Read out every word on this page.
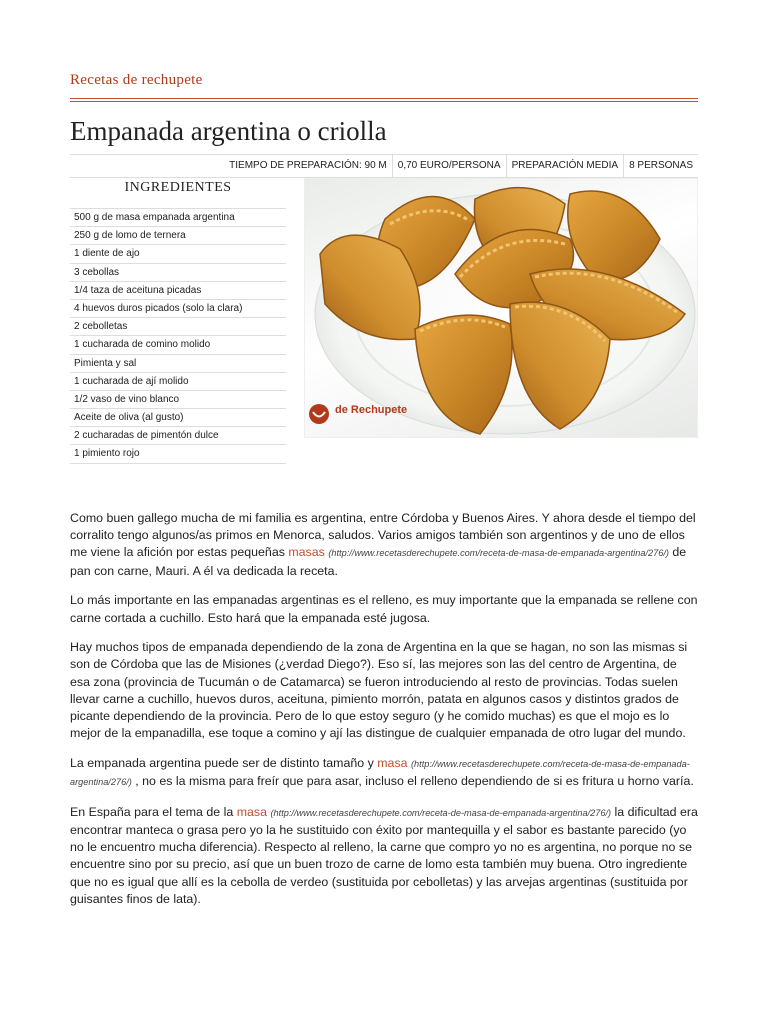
Recetas de rechupete
Empanada argentina o criolla
TIEMPO DE PREPARACIÓN: 90 M	0,70 EURO/PERSONA	PREPARACIÓN MEDIA	8 PERSONAS
INGREDIENTES
500 g de masa empanada argentina
250 g de lomo de ternera
1 diente de ajo
3 cebollas
1/4 taza de aceituna picadas
4 huevos duros picados (solo la clara)
2 cebolletas
1 cucharada de comino molido
Pimienta y sal
1 cucharada de ají molido
1/2 vaso de vino blanco
Aceite de oliva (al gusto)
2 cucharadas de pimentón dulce
1 pimiento rojo
de Rechupete

Como buen gallego mucha de mi familia es argentina, entre Córdoba y Buenos Aires. Y ahora desde el tiempo del corralito tengo algunos/as primos en Menorca, saludos. Varios amigos también son argentinos y de uno de ellos me viene la afición por estas pequeñas masas (http://www.recetasderechupete.com/receta-de-masa-de-empanada-argentina/276/) de pan con carne, Mauri. A él va dedicada la receta.

Lo más importante en las empanadas argentinas es el relleno, es muy importante que la empanada se rellene con carne cortada a cuchillo. Esto hará que la empanada esté jugosa.

Hay muchos tipos de empanada dependiendo de la zona de Argentina en la que se hagan, no son las mismas si son de Córdoba que las de Misiones (¿verdad Diego?). Eso sí, las mejores son las del centro de Argentina, de esa zona (provincia de Tucumán o de Catamarca) se fueron introduciendo al resto de provincias. Todas suelen llevar carne a cuchillo, huevos duros, aceituna, pimiento morrón, patata en algunos casos y distintos grados de picante dependiendo de la provincia. Pero de lo que estoy seguro (y he comido muchas) es que el mojo es lo mejor de la empanadilla, ese toque a comino y ají las distingue de cualquier empanada de otro lugar del mundo.

La empanada argentina puede ser de distinto tamaño y masa (http://www.recetasderechupete.com/receta-de-masa-de-empanada-argentina/276/) , no es la misma para freír que para asar, incluso el relleno dependiendo de si es fritura u horno varía.

En España para el tema de la masa (http://www.recetasderechupete.com/receta-de-masa-de-empanada-argentina/276/) la dificultad era encontrar manteca o grasa pero yo la he sustituido con éxito por mantequilla y el sabor es bastante parecido (yo no le encuentro mucha diferencia). Respecto al relleno, la carne que compro yo no es argentina, no porque no se encuentre sino por su precio, así que un buen trozo de carne de lomo esta también muy buena. Otro ingrediente que no es igual que allí es la cebolla de verdeo (sustituida por cebolletas) y las arvejas argentinas (sustituida por guisantes finos de lata).
